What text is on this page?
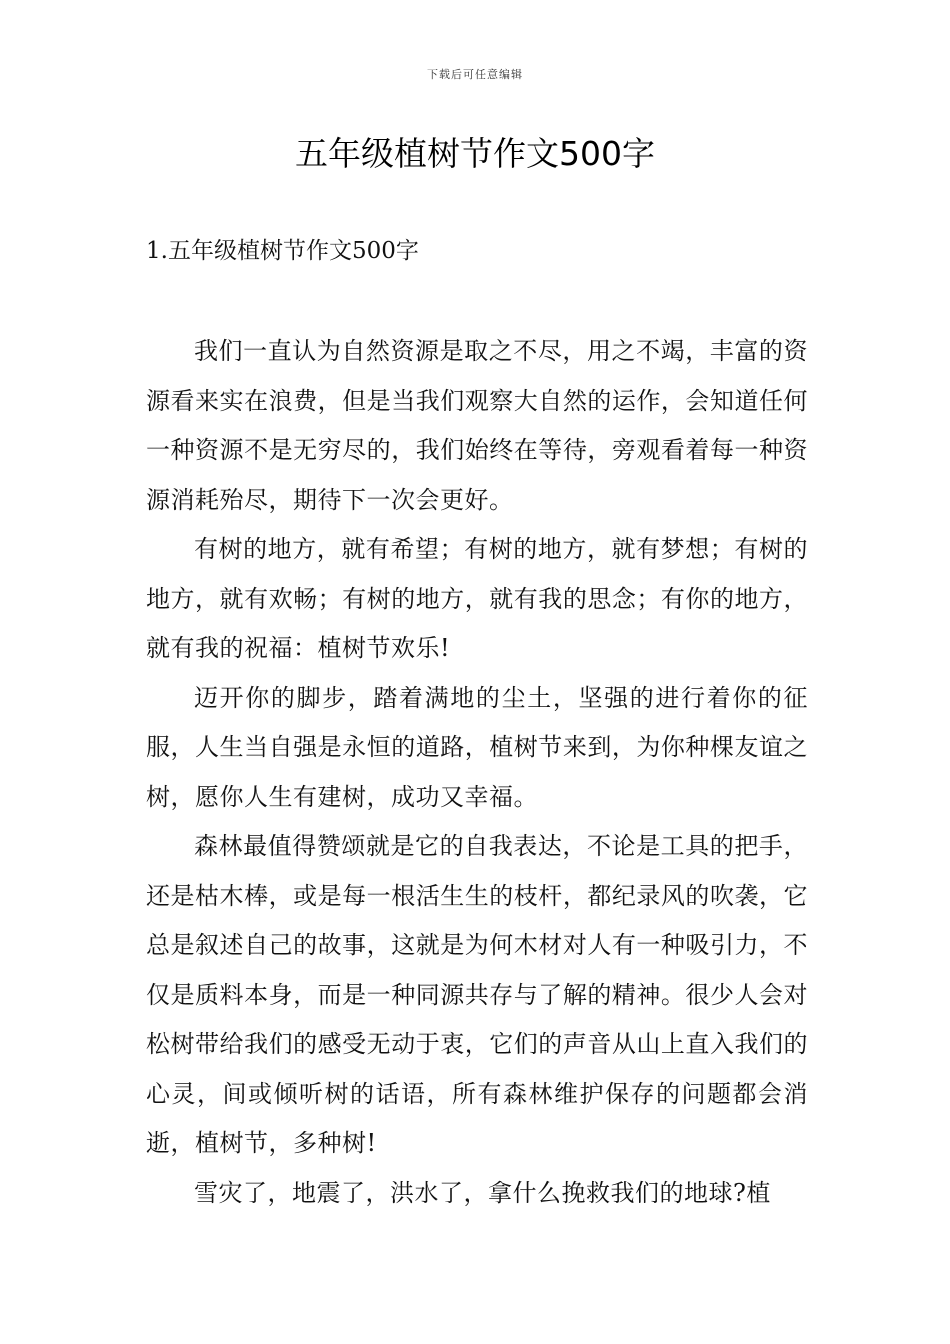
下载后可任意编辑
五年级植树节作文500字
1.五年级植树节作文500字

我们一直认为自然资源是取之不尽，用之不竭，丰富的资源看来实在浪费，但是当我们观察大自然的运作，会知道任何一种资源不是无穷尽的，我们始终在等待，旁观看着每一种资源消耗殆尽，期待下一次会更好。

有树的地方，就有希望；有树的地方，就有梦想；有树的地方，就有欢畅；有树的地方，就有我的思念；有你的地方，就有我的祝福：植树节欢乐!

迈开你的脚步，踏着满地的尘土，坚强的进行着你的征服，人生当自强是永恒的道路，植树节来到，为你种棵友谊之树，愿你人生有建树，成功又幸福。

森林最值得赞颂就是它的自我表达，不论是工具的把手，还是枯木棒，或是每一根活生生的枝杆，都纪录风的吹袭，它总是叙述自己的故事，这就是为何木材对人有一种吸引力，不仅是质料本身，而是一种同源共存与了解的精神。很少人会对松树带给我们的感受无动于衷，它们的声音从山上直入我们的心灵，间或倾听树的话语，所有森林维护保存的问题都会消逝，植树节，多种树!

雪灾了，地震了，洪水了，拿什么挽救我们的地球?植
